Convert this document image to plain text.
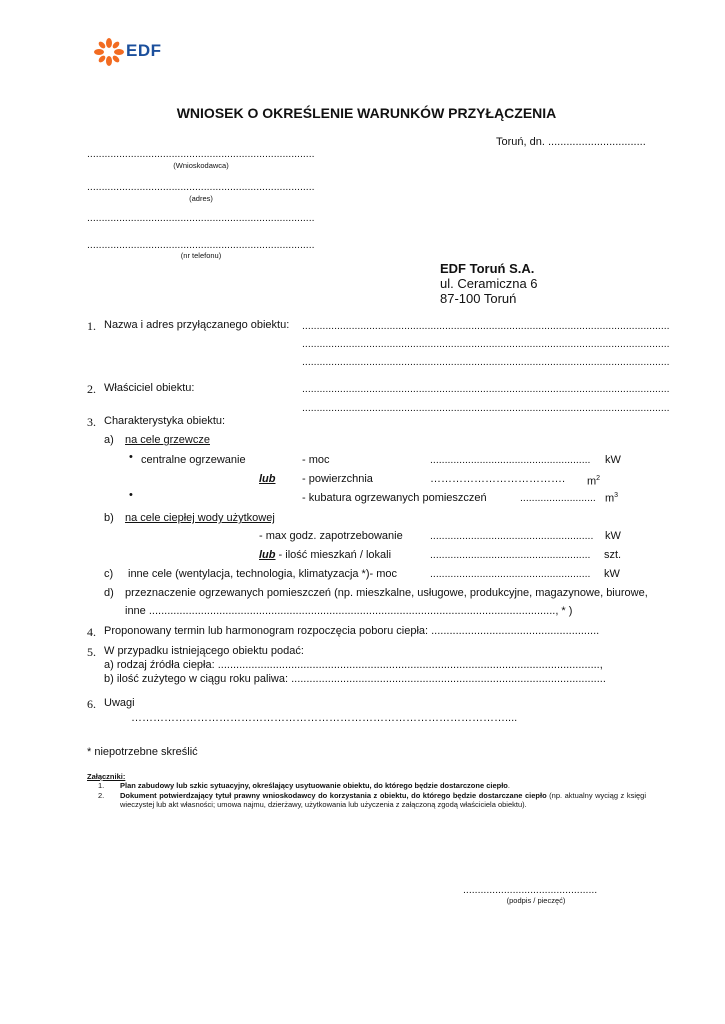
EDF
WNIOSEK O OKREŚLENIE WARUNKÓW PRZYŁĄCZENIA
Toruń, dn. ................................
..............................................................................
(Wnioskodawca)
..............................................................................
(adres)
..............................................................................
..............................................................................
(nr telefonu)
EDF Toruń S.A.
ul. Ceramiczna 6
87-100 Toruń
1. Nazwa i adres przyłączanego obiektu: ..............................................................................................................................
..............................................................................................................................
..............................................................................................................................
2. Właściciel obiektu:	..............................................................................................................................
..............................................................................................................................
3. Charakterystyka obiektu:
a) na cele grzewcze
• centralne ogrzewanie	- moc	....................................................... kW
lub - powierzchnia	………………………………. $m^2$
•	- kubatura ogrzewanych pomieszczeń	.......................... $m^3$
b) na cele ciepłej wody użytkowej
- max godz. zapotrzebowanie	........................................................ kW
lub - ilość mieszkań / lokali	....................................................... szt.
c) inne cele (wentylacja, technologia, klimatyzacja *)- moc	....................................................... kW
d) przeznaczenie ogrzewanych pomieszczeń (np. mieszkalne, usługowe, produkcyjne, magazynowe, biurowe,
inne ....................................................................................................................................., * )
4. Proponowany termin lub harmonogram rozpoczęcia poboru ciepła: .......................................................
5. W przypadku istniejącego obiektu podać:
a) rodzaj źródła ciepła: .............................................................................................................................,
b) ilość zużytego w ciągu roku paliwa: .......................................................................................................
6. Uwagi
…………………………………………………………………………………………....
* niepotrzebne skreślić
Załączniki:
1. Plan zabudowy lub szkic sytuacyjny, określający usytuowanie obiektu, do którego będzie dostarczone ciepło.
2. Dokument potwierdzający tytuł prawny wnioskodawcy do korzystania z obiektu, do którego będzie dostarczane ciepło (np. aktualny wyciąg z księgi wieczystej lub akt własności; umowa najmu, dzierżawy, użytkowania lub użyczenia z załączoną zgodą właściciela obiektu).
..............................................
(podpis / pieczęć)
